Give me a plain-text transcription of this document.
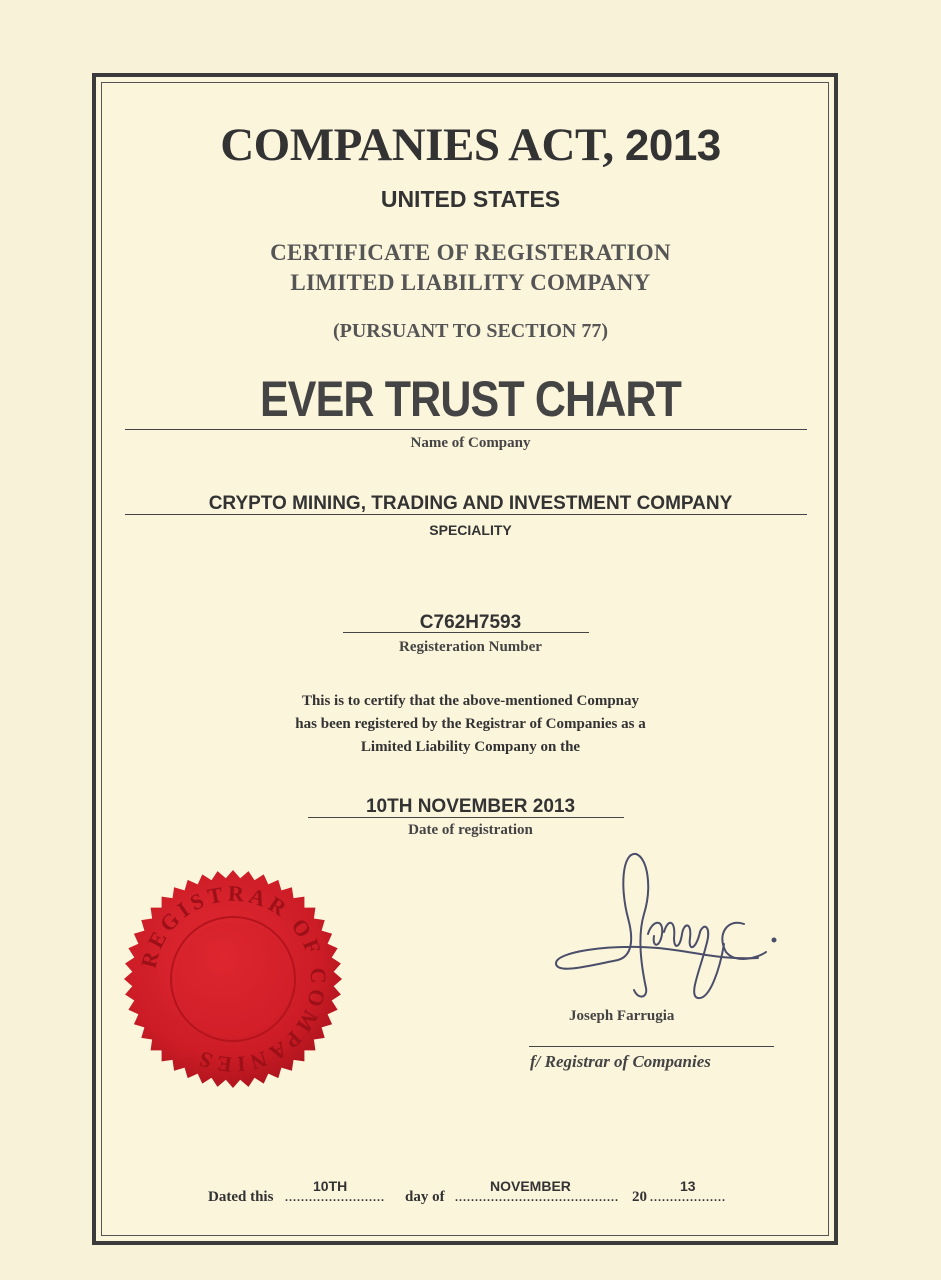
COMPANIES ACT, 2013
UNITED STATES
CERTIFICATE OF REGISTERATION
LIMITED LIABILITY COMPANY
(PURSUANT TO SECTION 77)
EVER TRUST CHART
Name of Company
CRYPTO MINING, TRADING AND INVESTMENT COMPANY
SPECIALITY
C762H7593
Registeration Number
This is to certify that the above-mentioned Compnay
has been registered by the Registrar of Companies as a
Limited Liability Company on the
10TH NOVEMBER 2013
Date of registration
REGISTRAR OF COMPANIES
Joseph Farrugia
f/ Registrar of Companies
Dated this ......................... day of ......................................... 20 ...................
10TH	NOVEMBER	13
